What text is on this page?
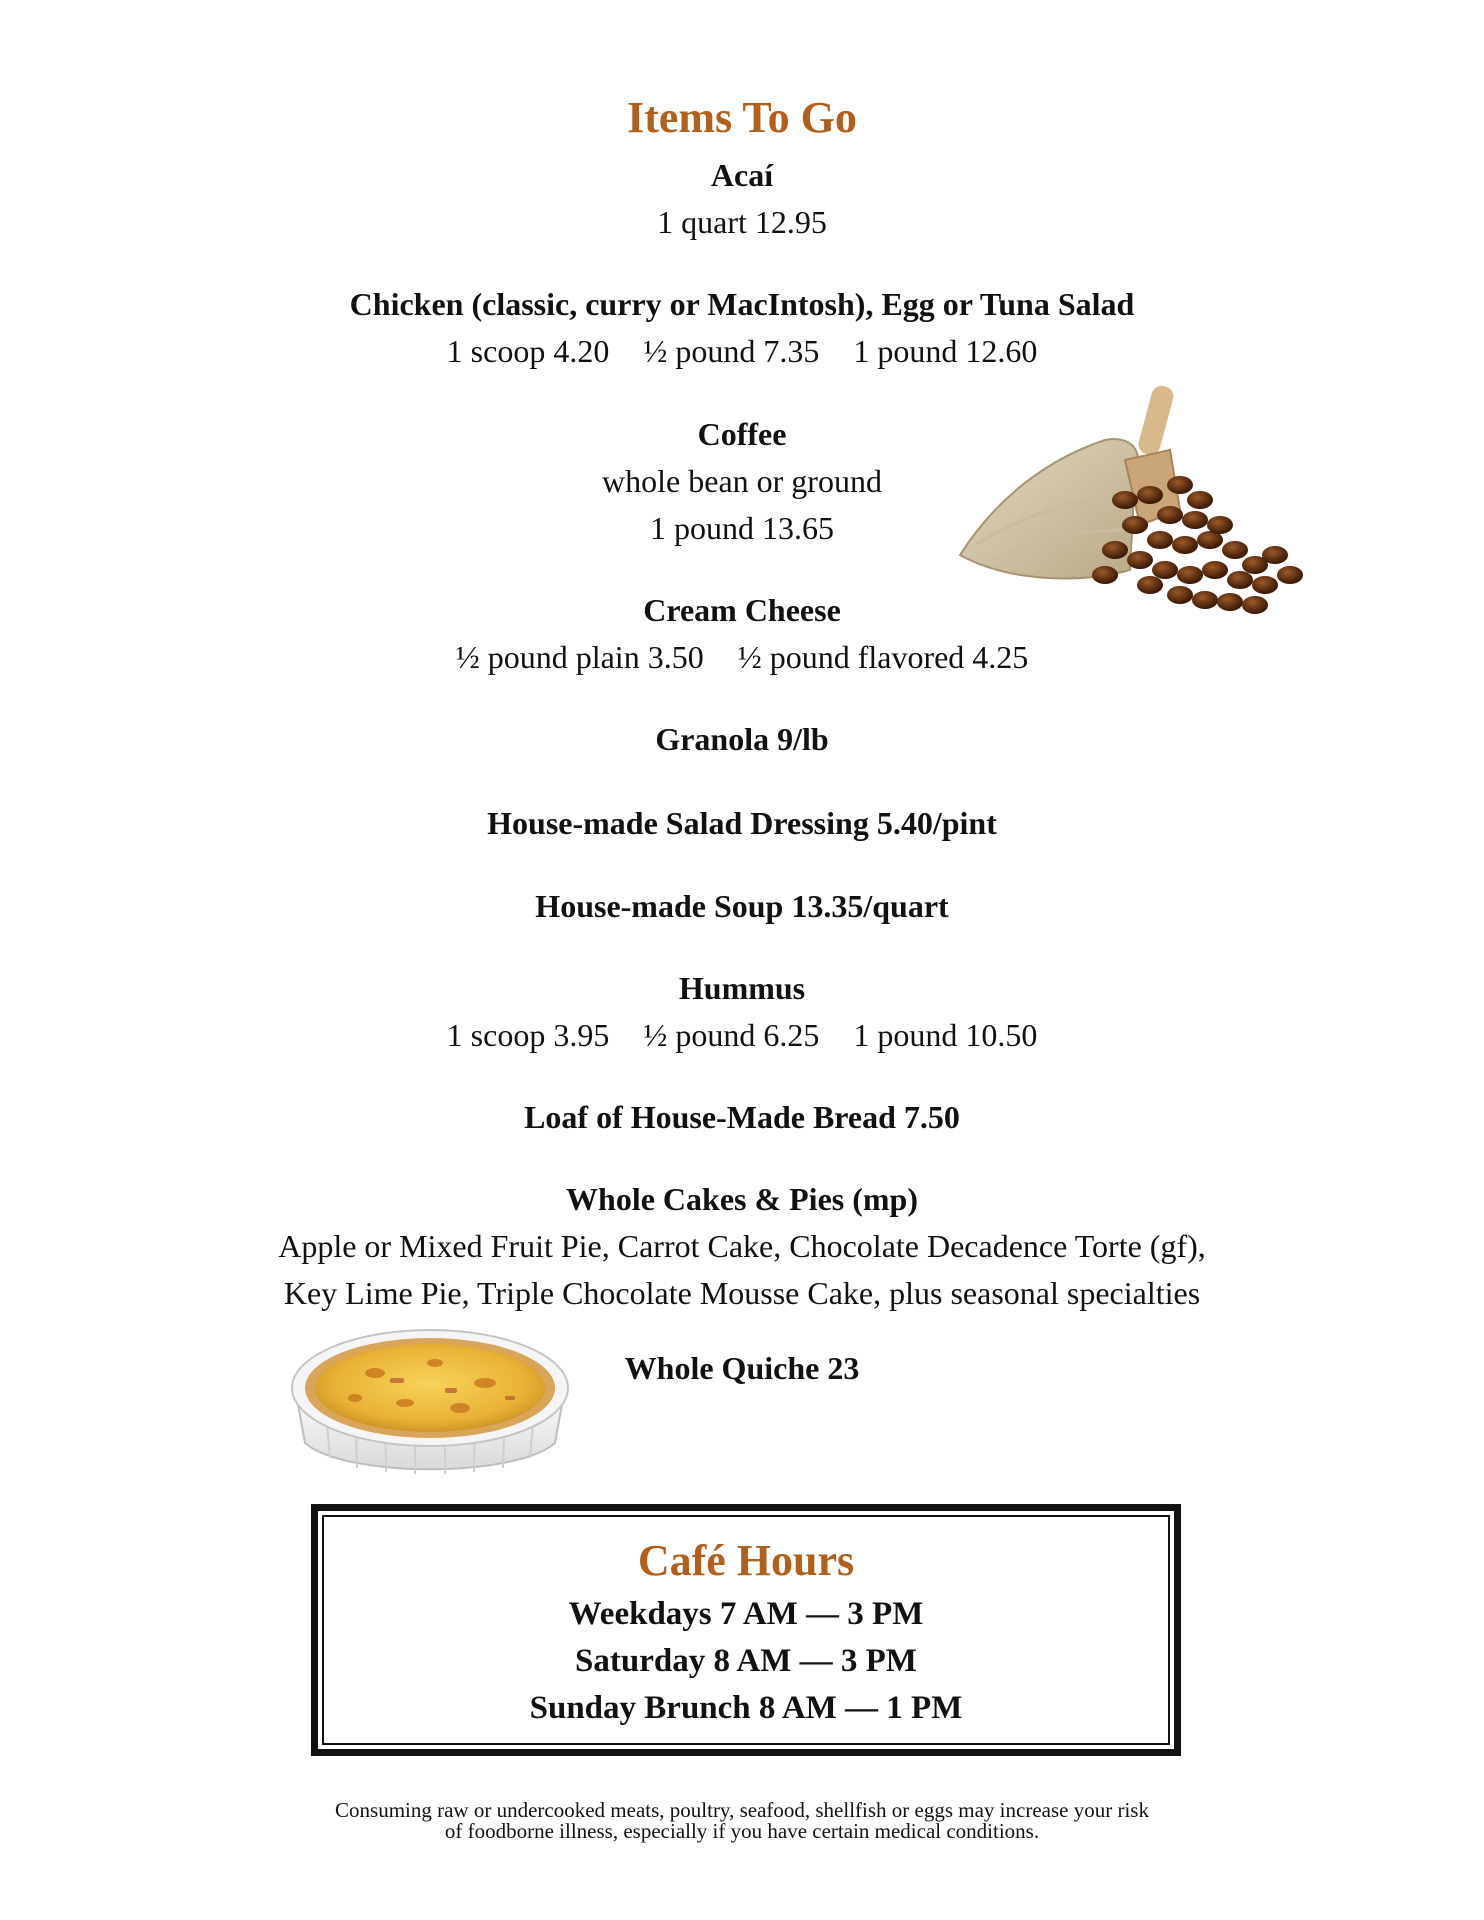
Items To Go
Acaí
1 quart 12.95
Chicken (classic, curry or MacIntosh), Egg or Tuna Salad
1 scoop 4.20 ½ pound 7.35 1 pound 12.60
Coffee
whole bean or ground
1 pound 13.65
Cream Cheese
½ pound plain 3.50 ½ pound flavored 4.25
Granola 9/lb
House-made Salad Dressing 5.40/pint
House-made Soup 13.35/quart
Hummus
1 scoop 3.95 ½ pound 6.25 1 pound 10.50
Loaf of House-Made Bread 7.50
Whole Cakes & Pies (mp)
Apple or Mixed Fruit Pie, Carrot Cake, Chocolate Decadence Torte (gf),
Key Lime Pie, Triple Chocolate Mousse Cake, plus seasonal specialties
Whole Quiche 23
Café Hours
Weekdays 7 AM — 3 PM
Saturday 8 AM — 3 PM
Sunday Brunch 8 AM — 1 PM
Consuming raw or undercooked meats, poultry, seafood, shellfish or eggs may increase your risk
of foodborne illness, especially if you have certain medical conditions.
